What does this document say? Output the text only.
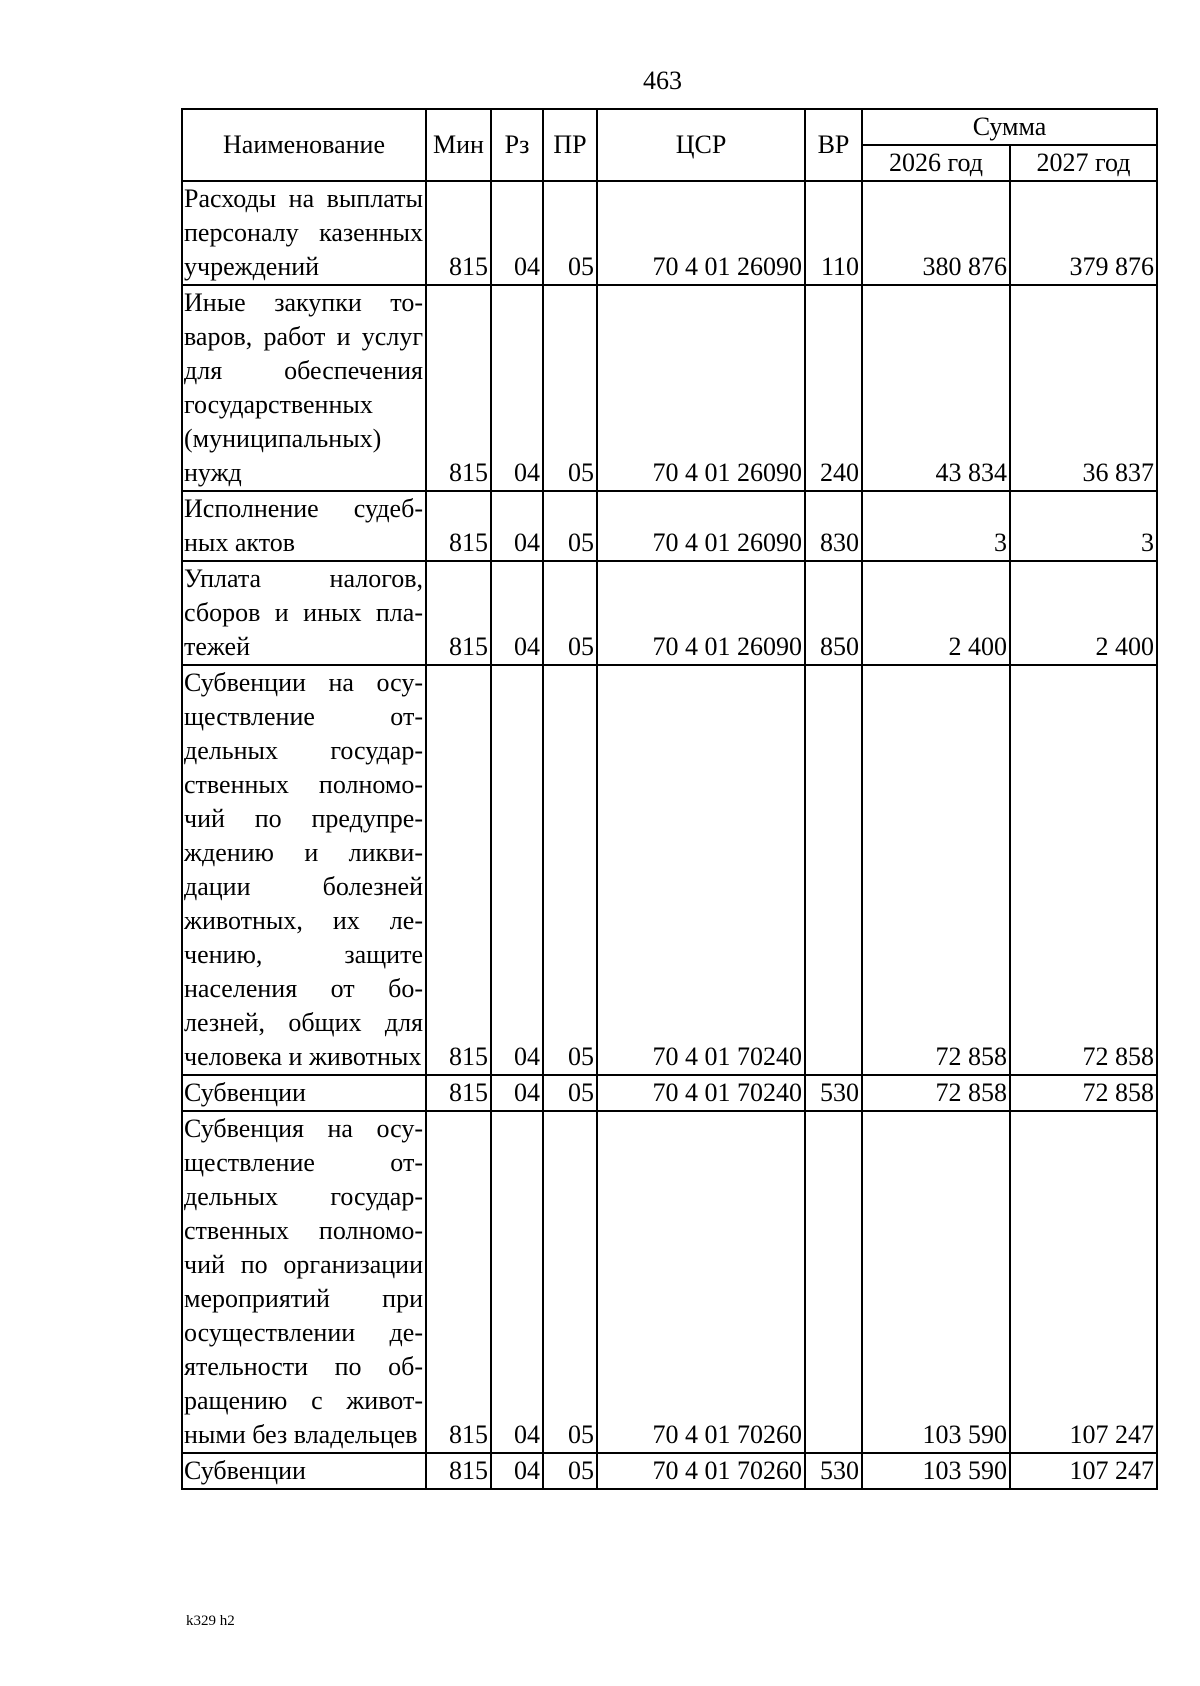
463
Наименование	Мин	Рз	ПР	ЦСР	ВР	Сумма	
						2026 год	2027 год
Расходы на выплаты персоналу казенных учреждений	815	04	05	70 4 01 26090	110	380 876	379 876
Иные закупки товаров, работ и услуг для обеспечения государственных (муниципальных) нужд	815	04	05	70 4 01 26090	240	43 834	36 837
Исполнение судебных актов	815	04	05	70 4 01 26090	830	3	3
Уплата налогов, сборов и иных платежей	815	04	05	70 4 01 26090	850	2 400	2 400
Субвенции на осуществление отдельных государственных полномочий по предупреждению и ликвидации болезней животных, их лечению, защите населения от болезней, общих для человека и животных	815	04	05	70 4 01 70240		72 858	72 858
Субвенции	815	04	05	70 4 01 70240	530	72 858	72 858
Субвенция на осуществление отдельных государственных полномочий по организации мероприятий при осуществлении деятельности по обращению с животными без владельцев	815	04	05	70 4 01 70260		103 590	107 247
Субвенции	815	04	05	70 4 01 70260	530	103 590	107 247
k329 h2
